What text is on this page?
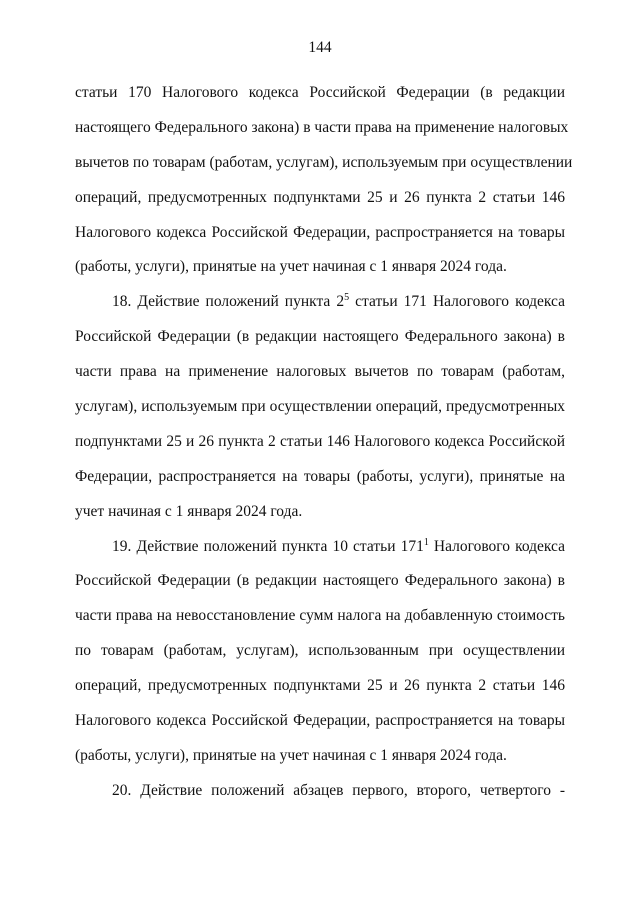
144
статьи 170 Налогового кодекса Российской Федерации (в редакции
настоящего Федерального закона) в части права на применение налоговых
вычетов по товарам (работам, услугам), используемым при осуществлении
операций, предусмотренных подпунктами 25 и 26 пункта 2 статьи 146
Налогового кодекса Российской Федерации, распространяется на товары
(работы, услуги), принятые на учет начиная с 1 января 2024 года.
18. Действие положений пункта $2^5$ статьи 171 Налогового кодекса
Российской Федерации (в редакции настоящего Федерального закона) в
части права на применение налоговых вычетов по товарам (работам,
услугам), используемым при осуществлении операций, предусмотренных
подпунктами 25 и 26 пункта 2 статьи 146 Налогового кодекса Российской
Федерации, распространяется на товары (работы, услуги), принятые на
учет начиная с 1 января 2024 года.
19. Действие положений пункта 10 статьи $171^1$ Налогового кодекса
Российской Федерации (в редакции настоящего Федерального закона) в
части права на невосстановление сумм налога на добавленную стоимость
по товарам (работам, услугам), использованным при осуществлении
операций, предусмотренных подпунктами 25 и 26 пункта 2 статьи 146
Налогового кодекса Российской Федерации, распространяется на товары
(работы, услуги), принятые на учет начиная с 1 января 2024 года.
20. Действие положений абзацев первого, второго, четвертого -
